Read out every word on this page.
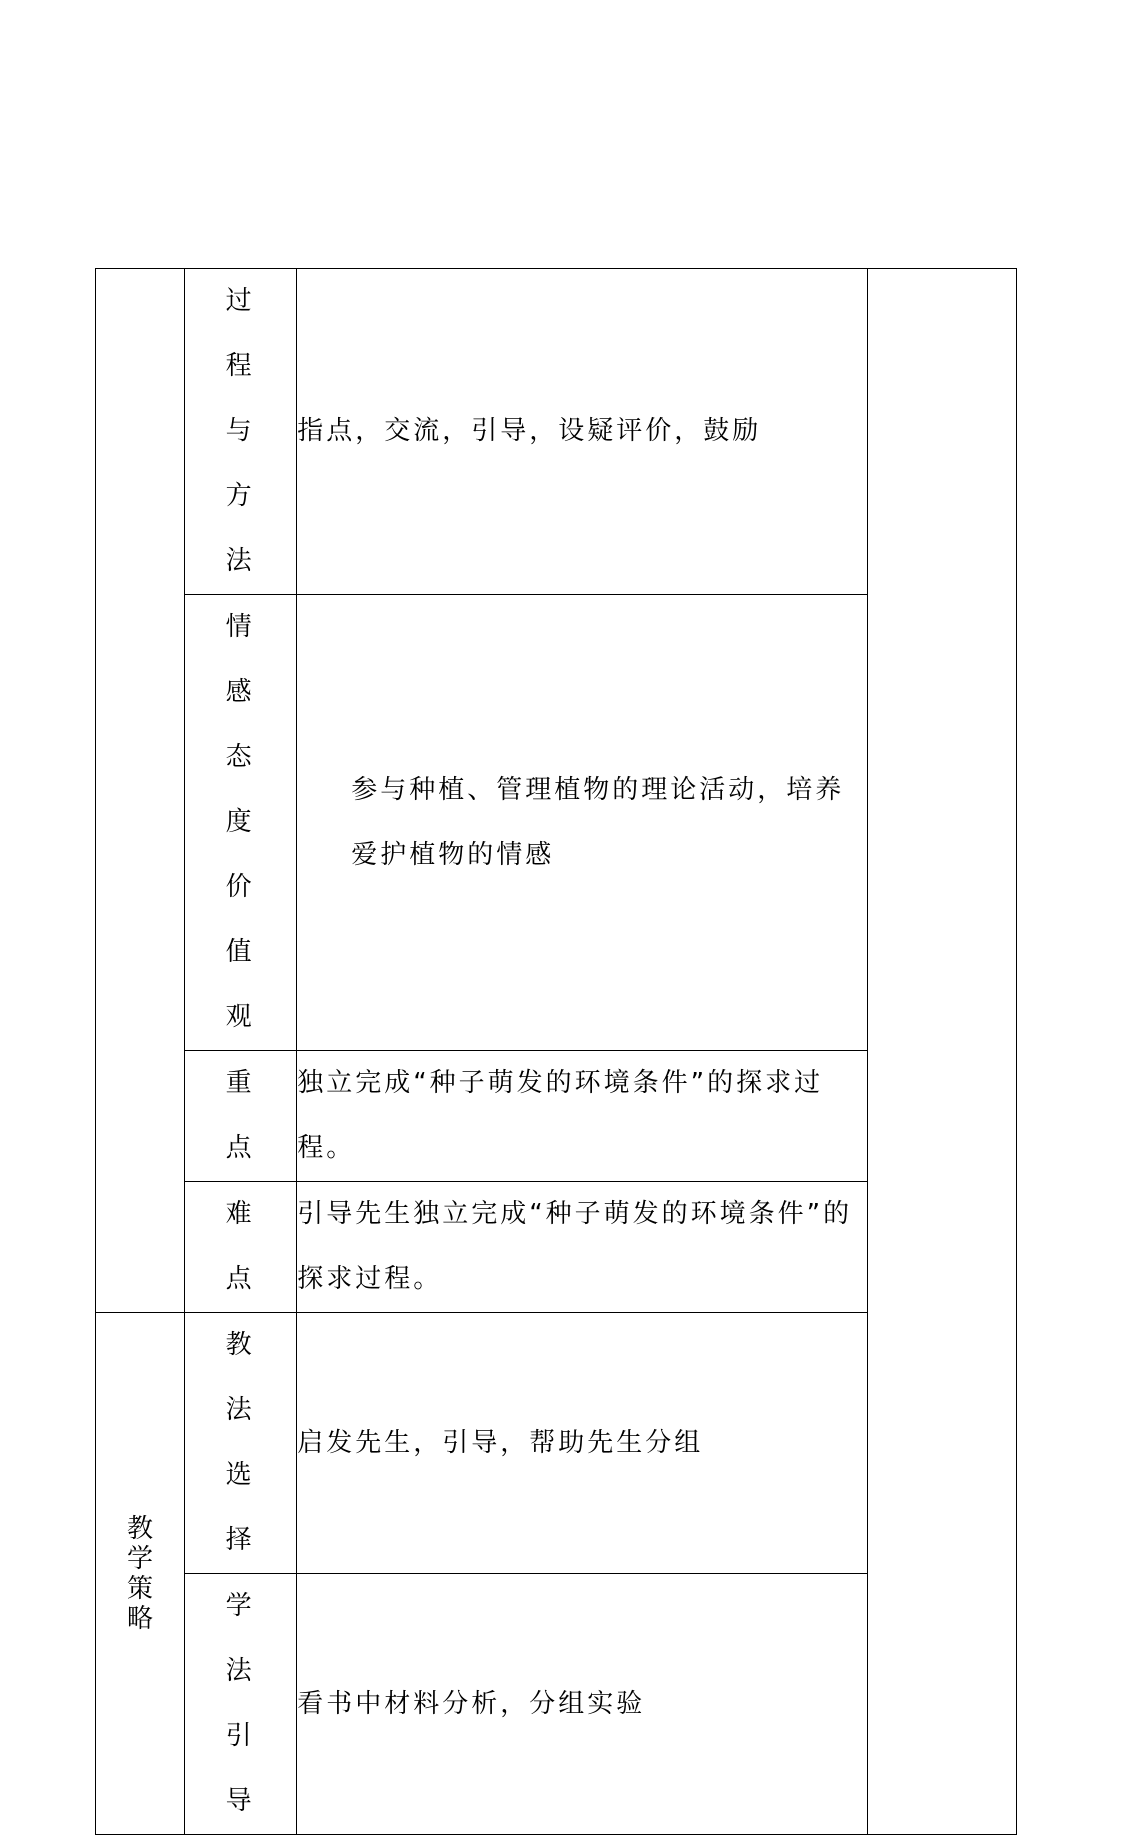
	过程与方法	指点，交流，引导，设疑评价，鼓励	

	情感态度价值观	参与种植、管理植物的理论活动，培养爱护植物的情感	

	重点	独立完成“种子萌发的环境条件”的探求过程。	

	难点	引导先生独立完成“种子萌发的环境条件”的探求过程。	
教学策略	教法选择	启发先生，引导，帮助先生分组	

	学法引导	看书中材料分析，分组实验	
